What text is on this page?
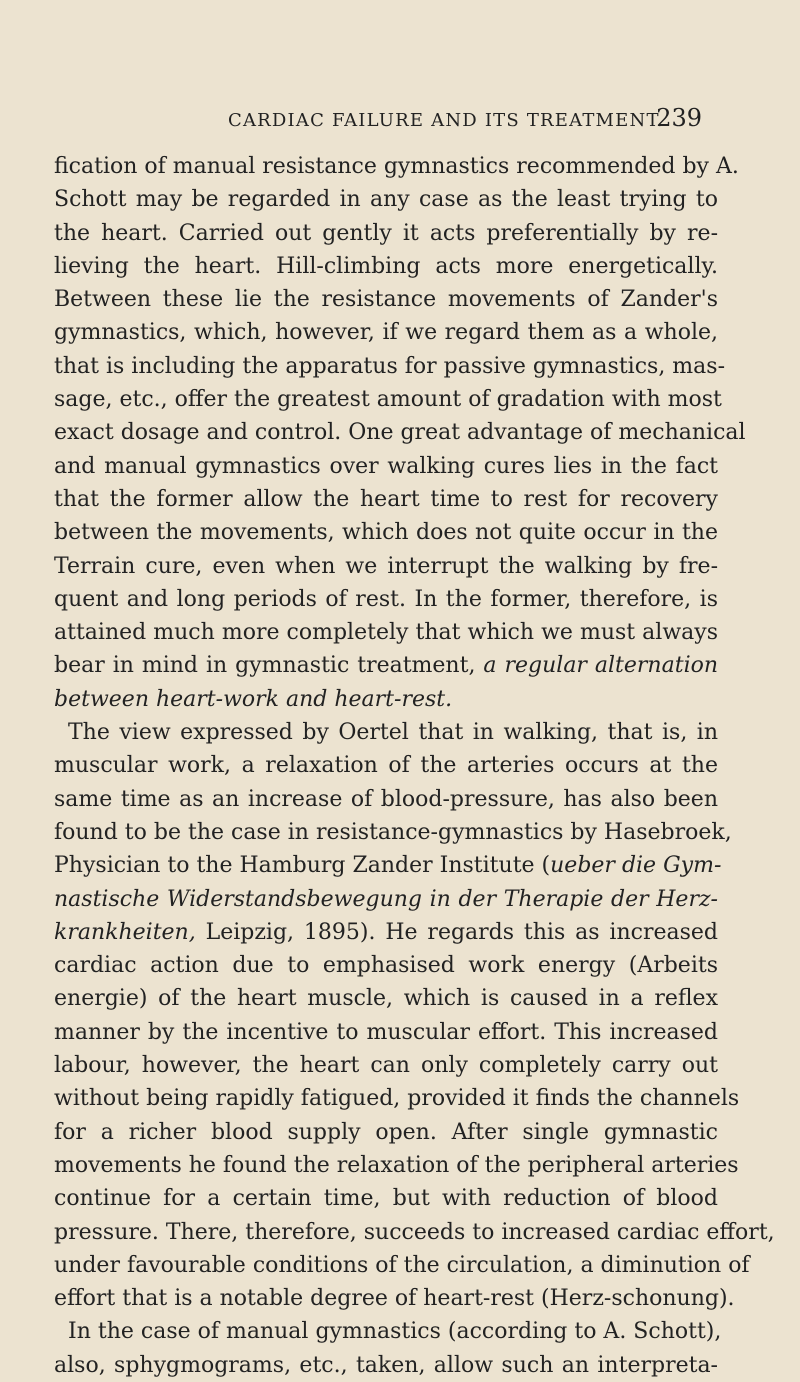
CARDIAC FAILURE AND ITS TREATMENT.
239
fication of manual resistance gymnastics recommended by A.
Schott may be regarded in any case as the least trying to
the heart. Carried out gently it acts preferentially by re-
lieving the heart. Hill-climbing acts more energetically.
Between these lie the resistance movements of Zander's
gymnastics, which, however, if we regard them as a whole,
that is including the apparatus for passive gymnastics, mas-
sage, etc., offer the greatest amount of gradation with most
exact dosage and control. One great advantage of mechanical
and manual gymnastics over walking cures lies in the fact
that the former allow the heart time to rest for recovery
between the movements, which does not quite occur in the
Terrain cure, even when we interrupt the walking by fre-
quent and long periods of rest. In the former, therefore, is
attained much more completely that which we must always
bear in mind in gymnastic treatment, a regular alternation
between heart-work and heart-rest.
The view expressed by Oertel that in walking, that is, in
muscular work, a relaxation of the arteries occurs at the
same time as an increase of blood-pressure, has also been
found to be the case in resistance-gymnastics by Hasebroek,
Physician to the Hamburg Zander Institute (ueber die Gym-
nastische Widerstandsbewegung in der Therapie der Herz-
krankheiten, Leipzig, 1895). He regards this as increased
cardiac action due to emphasised work energy (Arbeits
energie) of the heart muscle, which is caused in a reflex
manner by the incentive to muscular effort. This increased
labour, however, the heart can only completely carry out
without being rapidly fatigued, provided it finds the channels
for a richer blood supply open. After single gymnastic
movements he found the relaxation of the peripheral arteries
continue for a certain time, but with reduction of blood
pressure. There, therefore, succeeds to increased cardiac effort,
under favourable conditions of the circulation, a diminution of
effort that is a notable degree of heart-rest (Herz-schonung).
In the case of manual gymnastics (according to A. Schott),
also, sphygmograms, etc., taken, allow such an interpreta-
